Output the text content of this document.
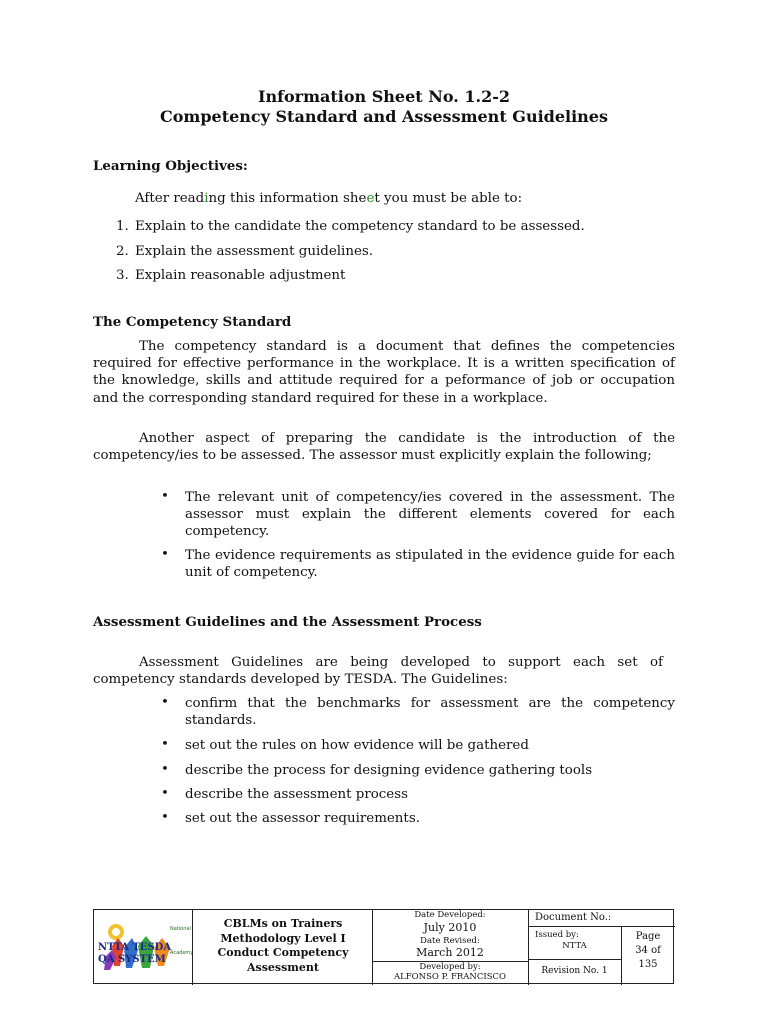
Information Sheet No. 1.2-2
Competency Standard and Assessment Guidelines
Learning Objectives:
After reading this information sheet you must be able to:
1. Explain to the candidate the competency standard to be assessed.
2. Explain the assessment guidelines.
3. Explain reasonable adjustment
The Competency Standard
The competency standard is a document that defines the competencies required for effective performance in the workplace. It is a written specification of the knowledge, skills and attitude required for a peformance of job or occupation and the corresponding standard required for these in a workplace.
Another aspect of preparing the candidate is the introduction of the competency/ies to be assessed. The assessor must explicitly explain the following;
• The relevant unit of competency/ies covered in the assessment. The assessor must explain the different elements covered for each competency.
• The evidence requirements as stipulated in the evidence guide for each unit of competency.
Assessment Guidelines and the Assessment Process
Assessment Guidelines are being developed to support each set of competency standards developed by TESDA. The Guidelines:
• confirm that the benchmarks for assessment are the competency standards.
• set out the rules on how evidence will be gathered
• describe the process for designing evidence gathering tools
• describe the assessment process
• set out the assessor requirements.
NTTA TESDA
QA SYSTEM
National
Academy
CBLMs on Trainers Methodology Level I Conduct Competency Assessment
Date Developed:
July 2010
Date Revised:
March 2012
Developed by:
ALFONSO P. FRANCISCO
Document No.:
Issued by:
NTTA
Revision No. 1
Page
34 of
135
